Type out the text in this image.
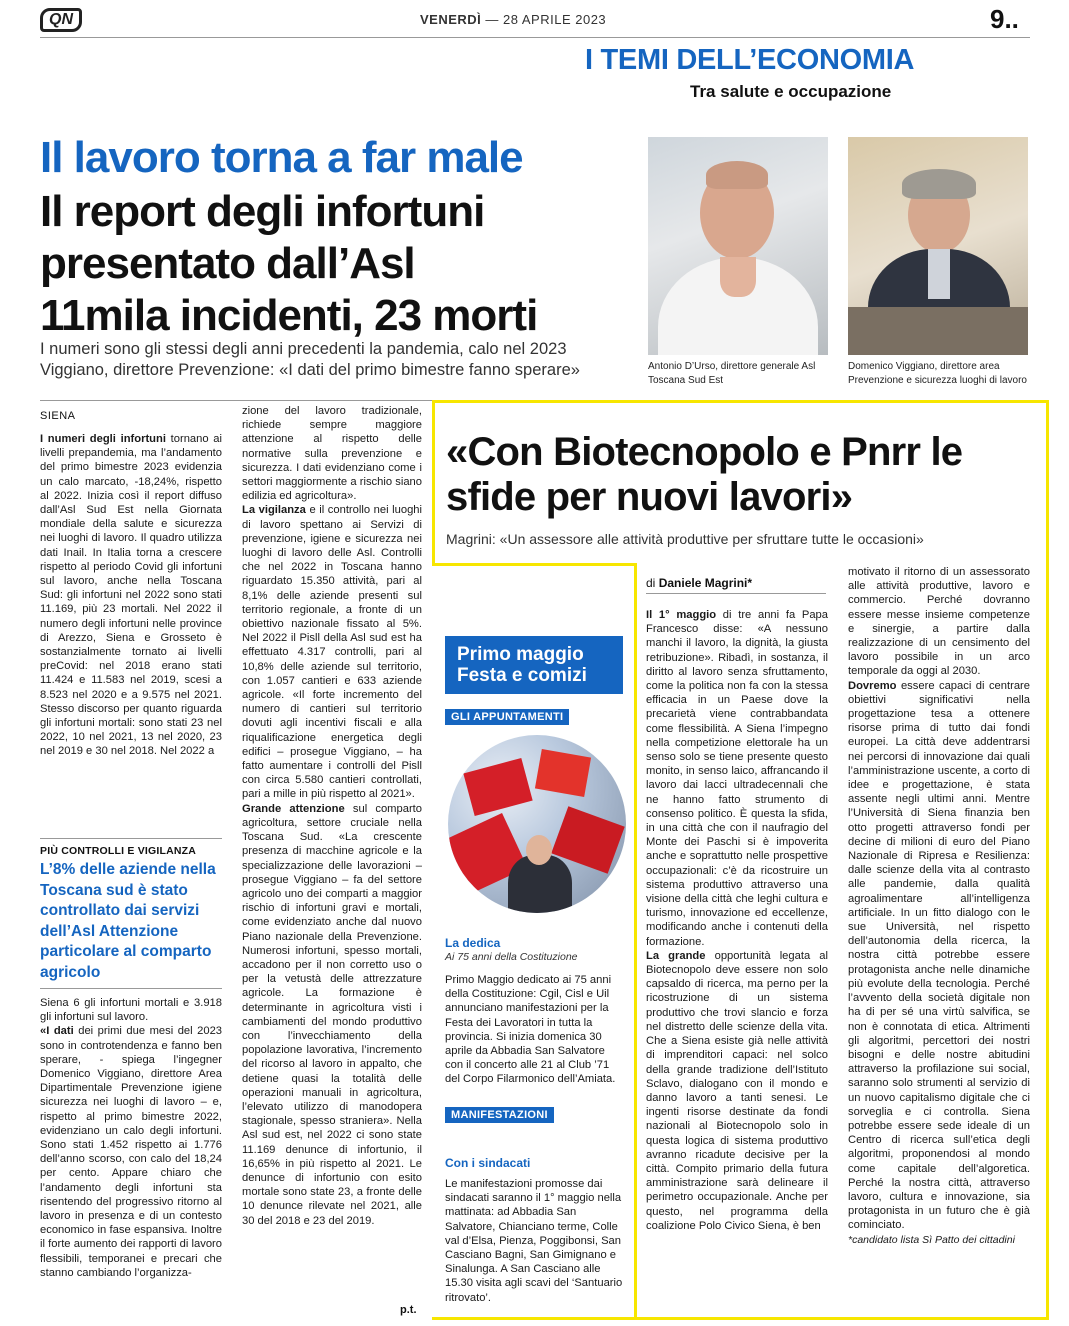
QN	VENERDÌ — 28 APRILE 2023	9..
I TEMI DELL’ECONOMIA
Tra salute e occupazione
Il lavoro torna a far male
Il report degli infortuni
presentato dall’Asl
11mila incidenti, 23 morti
I numeri sono gli stessi degli anni precedenti la pandemia, calo nel 2023
Viggiano, direttore Prevenzione: «I dati del primo bimestre fanno sperare»	Antonio D’Urso, direttore generale Asl Toscana Sud Est
Domenico Viggiano, direttore area Prevenzione e sicurezza luoghi di lavoro
SIENA
I numeri degli infortuni tornano ai livelli prepandemia, ma l’andamento del primo bimestre 2023 evidenzia un calo marcato, -18,24%, rispetto al 2022. Inizia così il report diffuso dall’Asl Sud Est nella Giornata mondiale della salute e sicurezza nei luoghi di lavoro. Il quadro utilizza dati Inail. In Italia torna a crescere rispetto al periodo Covid gli infortuni sul lavoro, anche nella Toscana Sud: gli infortuni nel 2022 sono stati 11.169, più 23 mortali. Nel 2022 il numero degli infortuni nelle province di Arezzo, Siena e Grosseto è sostanzialmente tornato ai livelli preCovid: nel 2018 erano stati 11.424 e 11.583 nel 2019, scesi a 8.523 nel 2020 e a 9.575 nel 2021. Stesso discorso per quanto riguarda gli infortuni mortali: sono stati 23 nel 2022, 10 nel 2021, 13 nel 2020, 23 nel 2019 e 30 nel 2018. Nel 2022 a
PIÙ CONTROLLI E VIGILANZA
L’8% delle aziende nella Toscana sud è stato controllato dai servizi dell’Asl Attenzione particolare al comparto agricolo
Siena 6 gli infortuni mortali e 3.918 gli infortuni sul lavoro.
«I dati dei primi due mesi del 2023 sono in controtendenza e fanno ben sperare, - spiega l’ingegner Domenico Viggiano, direttore Area Dipartimentale Prevenzione igiene sicurezza nei luoghi di lavoro – e, rispetto al primo bimestre 2022, evidenziano un calo degli infortuni. Sono stati 1.452 rispetto ai 1.776 dell’anno scorso, con calo del 18,24 per cento. Appare chiaro che l’andamento degli infortuni sta risentendo del progressivo ritorno al lavoro in presenza e di un contesto economico in fase espansiva. Inoltre il forte aumento dei rapporti di lavoro flessibili, temporanei e precari che stanno cambiando l’organizza-
zione del lavoro tradizionale, richiede sempre maggiore attenzione al rispetto delle normative sulla prevenzione e sicurezza. I dati evidenziano come i settori maggiormente a rischio siano edilizia ed agricoltura».
La vigilanza e il controllo nei luoghi di lavoro spettano ai Servizi di prevenzione, igiene e sicurezza nei luoghi di lavoro delle Asl. Controlli che nel 2022 in Toscana hanno riguardato 15.350 attività, pari al 8,1% delle aziende presenti sul territorio regionale, a fronte di un obiettivo nazionale fissato al 5%. Nel 2022 il Pisll della Asl sud est ha effettuato 4.317 controlli, pari al 10,8% delle aziende sul territorio, con 1.057 cantieri e 633 aziende agricole. «Il forte incremento del numero di cantieri sul territorio dovuti agli incentivi fiscali e alla riqualificazione energetica degli edifici – prosegue Viggiano, – ha fatto aumentare i controlli del Pisll con circa 5.580 cantieri controllati, pari a mille in più rispetto al 2021».
Grande attenzione sul comparto agricoltura, settore cruciale nella Toscana Sud. «La crescente presenza di macchine agricole e la specializzazione delle lavorazioni – prosegue Viggiano – fa del settore agricolo uno dei comparti a maggior rischio di infortuni gravi e mortali, come evidenziato anche dal nuovo Piano nazionale della Prevenzione. Numerosi infortuni, spesso mortali, accadono per il non corretto uso o per la vetustà delle attrezzature agricole. La formazione è determinante in agricoltura visti i cambiamenti del mondo produttivo con l’invecchiamento della popolazione lavorativa, l’incremento del ricorso al lavoro in appalto, che detiene quasi la totalità delle operazioni manuali in agricoltura, l’elevato utilizzo di manodopera stagionale, spesso straniera». Nella Asl sud est, nel 2022 ci sono state 11.169 denunce di infortunio, il 16,65% in più rispetto al 2021. Le denunce di infortunio con esito mortale sono state 23, a fronte delle 10 denunce rilevate nel 2021, alle 30 del 2018 e 23 del 2019.
p.t.
«Con Biotecnopolo e Pnrr le sfide per nuovi lavori»
Magrini: «Un assessore alle attività produttive per sfruttare tutte le occasioni»
Primo maggio Festa e comizi
GLI APPUNTAMENTI
La dedica
Ai 75 anni della Costituzione
Primo Maggio dedicato ai 75 anni della Costituzione: Cgil, Cisl e Uil annunciano manifestazioni per la Festa dei Lavoratori in tutta la provincia. Si inizia domenica 30 aprile da Abbadia San Salvatore con il concerto alle 21 al Club ’71 del Corpo Filarmonico dell’Amiata.
MANIFESTAZIONI
Con i sindacati
Le manifestazioni promosse dai sindacati saranno il 1° maggio nella mattinata: ad Abbadia San Salvatore, Chianciano terme, Colle val d’Elsa, Pienza, Poggibonsi, San Casciano Bagni, San Gimignano e Sinalunga. A San Casciano alle 15.30 visita agli scavi del ‘Santuario ritrovato’.
di Daniele Magrini*
Il 1° maggio di tre anni fa Papa Francesco disse: «A nessuno manchi il lavoro, la dignità, la giusta retribuzione». Ribadì, in sostanza, il diritto al lavoro senza sfruttamento, come la politica non fa con la stessa efficacia in un Paese dove la precarietà viene contrabbandata come flessibilità. A Siena l’impegno nella competizione elettorale ha un senso solo se tiene presente questo monito, in senso laico, affrancando il lavoro dai lacci ultradecennali che ne hanno fatto strumento di consenso politico. È questa la sfida, in una città che con il naufragio del Monte dei Paschi si è impoverita anche e soprattutto nelle prospettive occupazionali: c’è da ricostruire un sistema produttivo attraverso una visione della città che leghi cultura e turismo, innovazione ed eccellenze, modificando anche i contenuti della formazione.
La grande opportunità legata al Biotecnopolo deve essere non solo capsaldo di ricerca, ma perno per la ricostruzione di un sistema produttivo che trovi slancio e forza nel distretto delle scienze della vita. Che a Siena esiste già nelle attività di imprenditori capaci: nel solco della grande tradizione dell’Istituto Sclavo, dialogano con il mondo e danno lavoro a tanti senesi. Le ingenti risorse destinate da fondi nazionali al Biotecnopolo solo in questa logica di sistema produttivo avranno ricadute decisive per la città. Compito primario della futura amministrazione sarà delineare il perimetro occupazionale. Anche per questo, nel programma della coalizione Polo Civico Siena, è ben
motivato il ritorno di un assessorato alle attività produttive, lavoro e commercio. Perché dovranno essere messe insieme competenze e sinergie, a partire dalla realizzazione di un censimento del lavoro possibile in un arco temporale da oggi al 2030.
Dovremo essere capaci di centrare obiettivi significativi nella progettazione tesa a ottenere risorse prima di tutto dai fondi europei. La città deve addentrarsi nei percorsi di innovazione dai quali l’amministrazione uscente, a corto di idee e progettazione, è stata assente negli ultimi anni. Mentre l’Università di Siena finanzia ben otto progetti attraverso fondi per decine di milioni di euro del Piano Nazionale di Ripresa e Resilienza: dalle scienze della vita al contrasto alle pandemie, dalla qualità agroalimentare all’intelligenza artificiale. In un fitto dialogo con le sue Università, nel rispetto dell’autonomia della ricerca, la nostra città potrebbe essere protagonista anche nelle dinamiche più evolute della tecnologia. Perché l’avvento della società digitale non ha di per sé una virtù salvifica, se non è connotata di etica. Altrimenti gli algoritmi, percettori dei nostri bisogni e delle nostre abitudini attraverso la profilazione sui social, saranno solo strumenti al servizio di un nuovo capitalismo digitale che ci sorveglia e ci controlla. Siena potrebbe essere sede ideale di un Centro di ricerca sull’etica degli algoritmi, proponendosi al mondo come capitale dell’algoretica. Perché la nostra città, attraverso lavoro, cultura e innovazione, sia protagonista in un futuro che è già cominciato.
*candidato lista Sì Patto dei cittadini
